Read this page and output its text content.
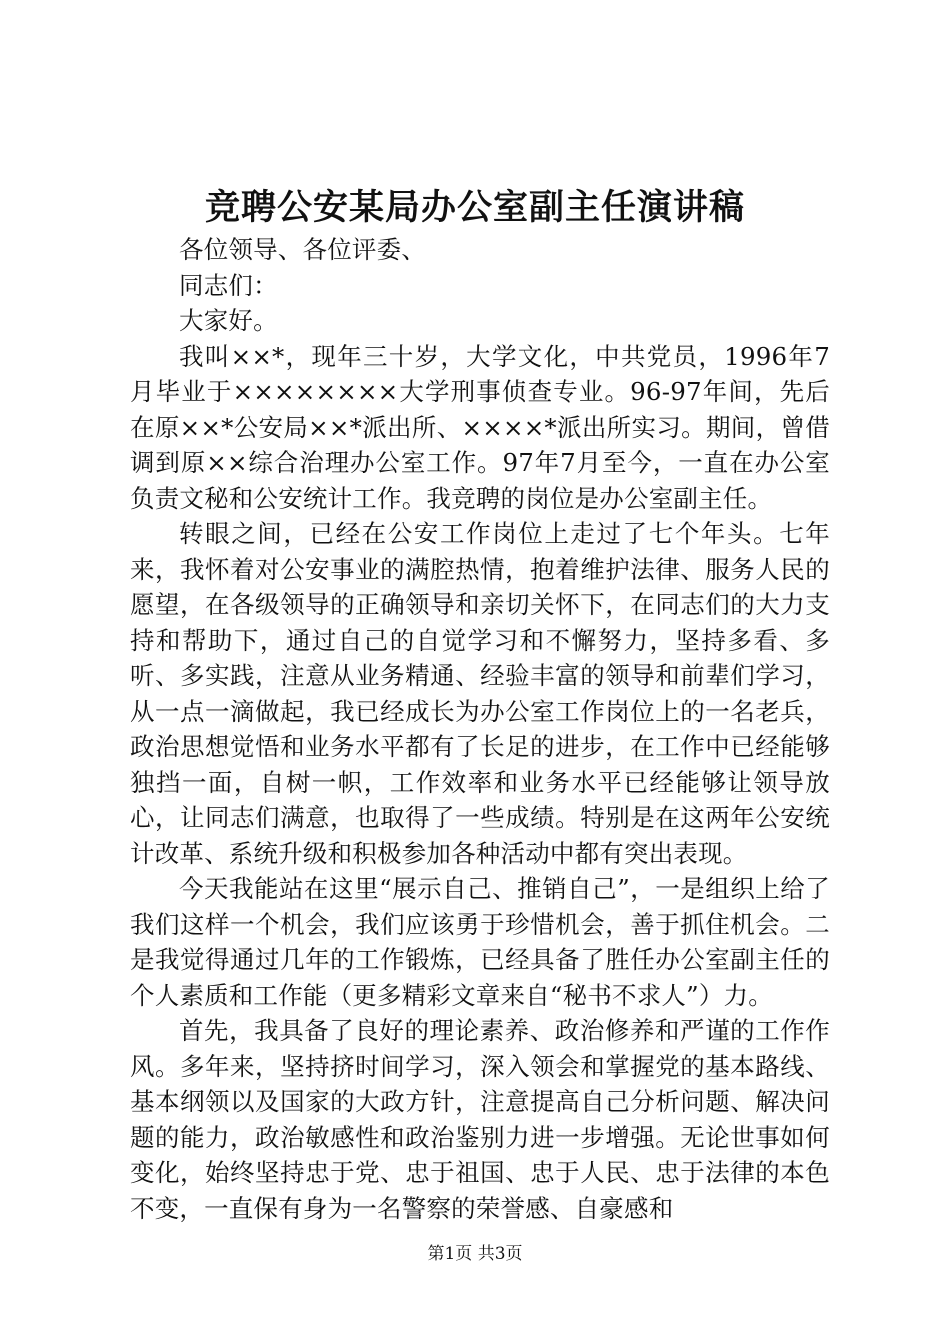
竞聘公安某局办公室副主任演讲稿

各位领导、各位评委、

同志们：

大家好。

我叫××*，现年三十岁，大学文化，中共党员，1996年7月毕业于××××××××大学刑事侦查专业。96-97年间，先后在原××*公安局××*派出所、××××*派出所实习。期间，曾借调到原××综合治理办公室工作。97年7月至今，一直在办公室负责文秘和公安统计工作。我竞聘的岗位是办公室副主任。

转眼之间，已经在公安工作岗位上走过了七个年头。七年来，我怀着对公安事业的满腔热情，抱着维护法律、服务人民的愿望，在各级领导的正确领导和亲切关怀下，在同志们的大力支持和帮助下，通过自己的自觉学习和不懈努力，坚持多看、多听、多实践，注意从业务精通、经验丰富的领导和前辈们学习，从一点一滴做起，我已经成长为办公室工作岗位上的一名老兵，政治思想觉悟和业务水平都有了长足的进步，在工作中已经能够独挡一面，自树一帜，工作效率和业务水平已经能够让领导放心，让同志们满意，也取得了一些成绩。特别是在这两年公安统计改革、系统升级和积极参加各种活动中都有突出表现。

今天我能站在这里“展示自己、推销自己”，一是组织上给了我们这样一个机会，我们应该勇于珍惜机会，善于抓住机会。二是我觉得通过几年的工作锻炼，已经具备了胜任办公室副主任的个人素质和工作能（更多精彩文章来自“秘书不求人”）力。

首先，我具备了良好的理论素养、政治修养和严谨的工作作风。多年来，坚持挤时间学习，深入领会和掌握党的基本路线、基本纲领以及国家的大政方针，注意提高自己分析问题、解决问题的能力，政治敏感性和政治鉴别力进一步增强。无论世事如何变化，始终坚持忠于党、忠于祖国、忠于人民、忠于法律的本色不变，一直保有身为一名警察的荣誉感、自豪感和

第1页 共3页
